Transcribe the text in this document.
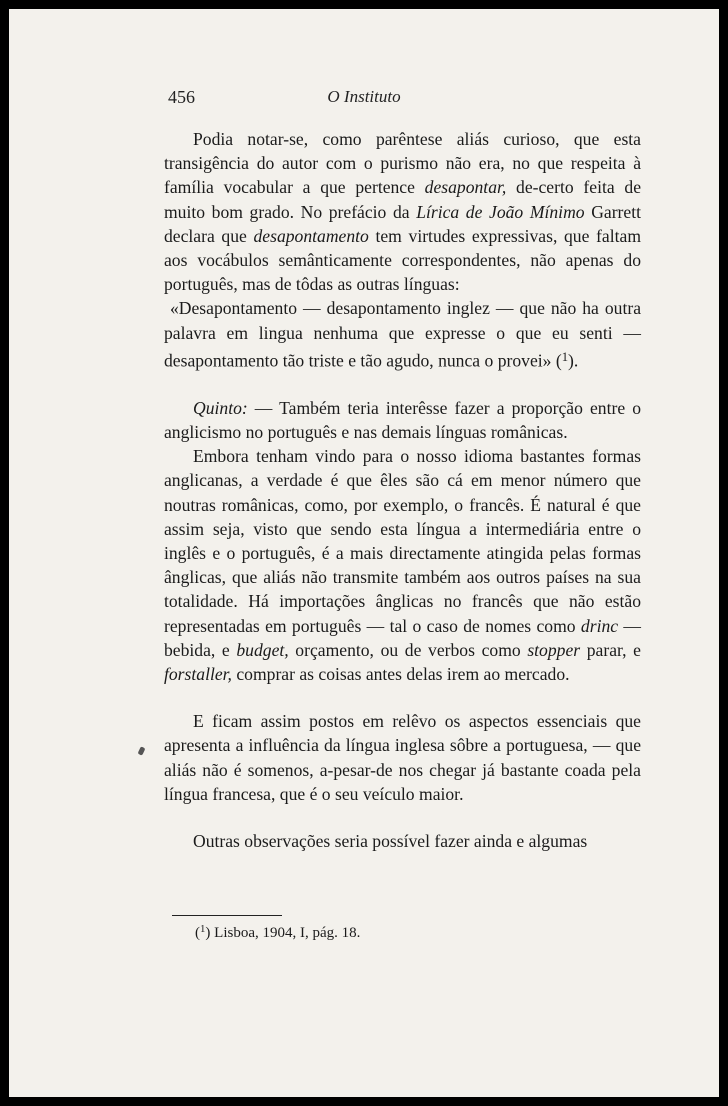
456	O Instituto

Podia notar-se, como parêntese aliás curioso, que esta transigência do autor com o purismo não era, no que respeita à família vocabular a que pertence desapontar, de-certo feita de muito bom grado. No prefácio da Lírica de João Mínimo Garrett declara que desapontamento tem virtudes expressivas, que faltam aos vocábulos semânticamente correspondentes, não apenas do português, mas de tôdas as outras línguas:

«Desapontamento — desapontamento inglez — que não ha outra palavra em lingua nenhuma que expresse o que eu senti — desapontamento tão triste e tão agudo, nunca o provei» ($^1$).

Quinto: — Também teria interêsse fazer a proporção entre o anglicismo no português e nas demais línguas românicas.

Embora tenham vindo para o nosso idioma bastantes formas anglicanas, a verdade é que êles são cá em menor número que noutras românicas, como, por exemplo, o francês. É natural é que assim seja, visto que sendo esta língua a intermediária entre o inglês e o português, é a mais directamente atingida pelas formas ânglicas, que aliás não transmite também aos outros países na sua totalidade. Há importações ânglicas no francês que não estão representadas em português — tal o caso de nomes como drinc — bebida, e budget, orçamento, ou de verbos como stopper parar, e forstaller, comprar as coisas antes delas irem ao mercado.

E ficam assim postos em relêvo os aspectos essenciais que apresenta a influência da língua inglesa sôbre a portuguesa, — que aliás não é somenos, a-pesar-de nos chegar já bastante coada pela língua francesa, que é o seu veículo maior.

Outras observações seria possível fazer ainda e algumas

($^1$) Lisboa, 1904, I, pág. 18.
